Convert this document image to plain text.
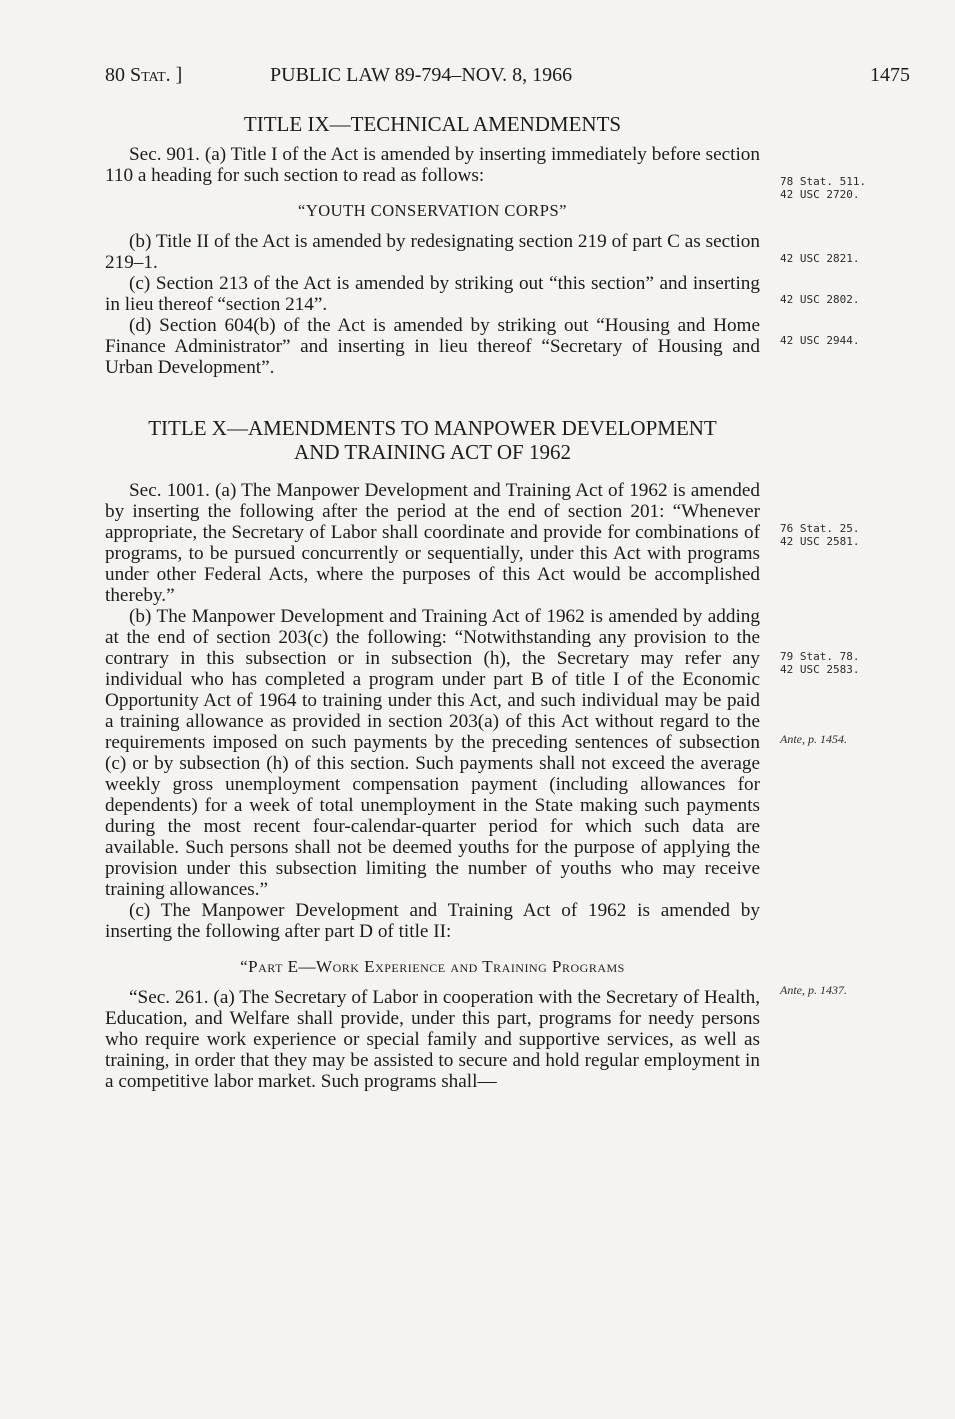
80 Stat. ]	PUBLIC LAW 89-794–NOV. 8, 1966	1475

TITLE IX—TECHNICAL AMENDMENTS

Sec. 901. (a) Title I of the Act is amended by inserting immediately before section 110 a heading for such section to read as follows:

“YOUTH CONSERVATION CORPS”

(b) Title II of the Act is amended by redesignating section 219 of part C as section 219–1.

(c) Section 213 of the Act is amended by striking out “this section” and inserting in lieu thereof “section 214”.

(d) Section 604(b) of the Act is amended by striking out “Housing and Home Finance Administrator” and inserting in lieu thereof “Secretary of Housing and Urban Development”.

TITLE X—AMENDMENTS TO MANPOWER DEVELOPMENT AND TRAINING ACT OF 1962

Sec. 1001. (a) The Manpower Development and Training Act of 1962 is amended by inserting the following after the period at the end of section 201: “Whenever appropriate, the Secretary of Labor shall coordinate and provide for combinations of programs, to be pursued concurrently or sequentially, under this Act with programs under other Federal Acts, where the purposes of this Act would be accomplished thereby.”

(b) The Manpower Development and Training Act of 1962 is amended by adding at the end of section 203(c) the following: “Notwithstanding any provision to the contrary in this subsection or in subsection (h), the Secretary may refer any individual who has completed a program under part B of title I of the Economic Opportunity Act of 1964 to training under this Act, and such individual may be paid a training allowance as provided in section 203(a) of this Act without regard to the requirements imposed on such payments by the preceding sentences of subsection (c) or by subsection (h) of this section. Such payments shall not exceed the average weekly gross unemployment compensation payment (including allowances for dependents) for a week of total unemployment in the State making such payments during the most recent four-calendar-quarter period for which such data are available. Such persons shall not be deemed youths for the purpose of applying the provision under this subsection limiting the number of youths who may receive training allowances.”

(c) The Manpower Development and Training Act of 1962 is amended by inserting the following after part D of title II:

“Part E—Work Experience and Training Programs

“Sec. 261. (a) The Secretary of Labor in cooperation with the Secretary of Health, Education, and Welfare shall provide, under this part, programs for needy persons who require work experience or special family and supportive services, as well as training, in order that they may be assisted to secure and hold regular employment in a competitive labor market. Such programs shall—

78 Stat. 511.
42 USC 2720.
42 USC 2821.
42 USC 2802.
42 USC 2944.
76 Stat. 25.
42 USC 2581.
79 Stat. 78.
42 USC 2583.
Ante, p. 1454.
Ante, p. 1437.
